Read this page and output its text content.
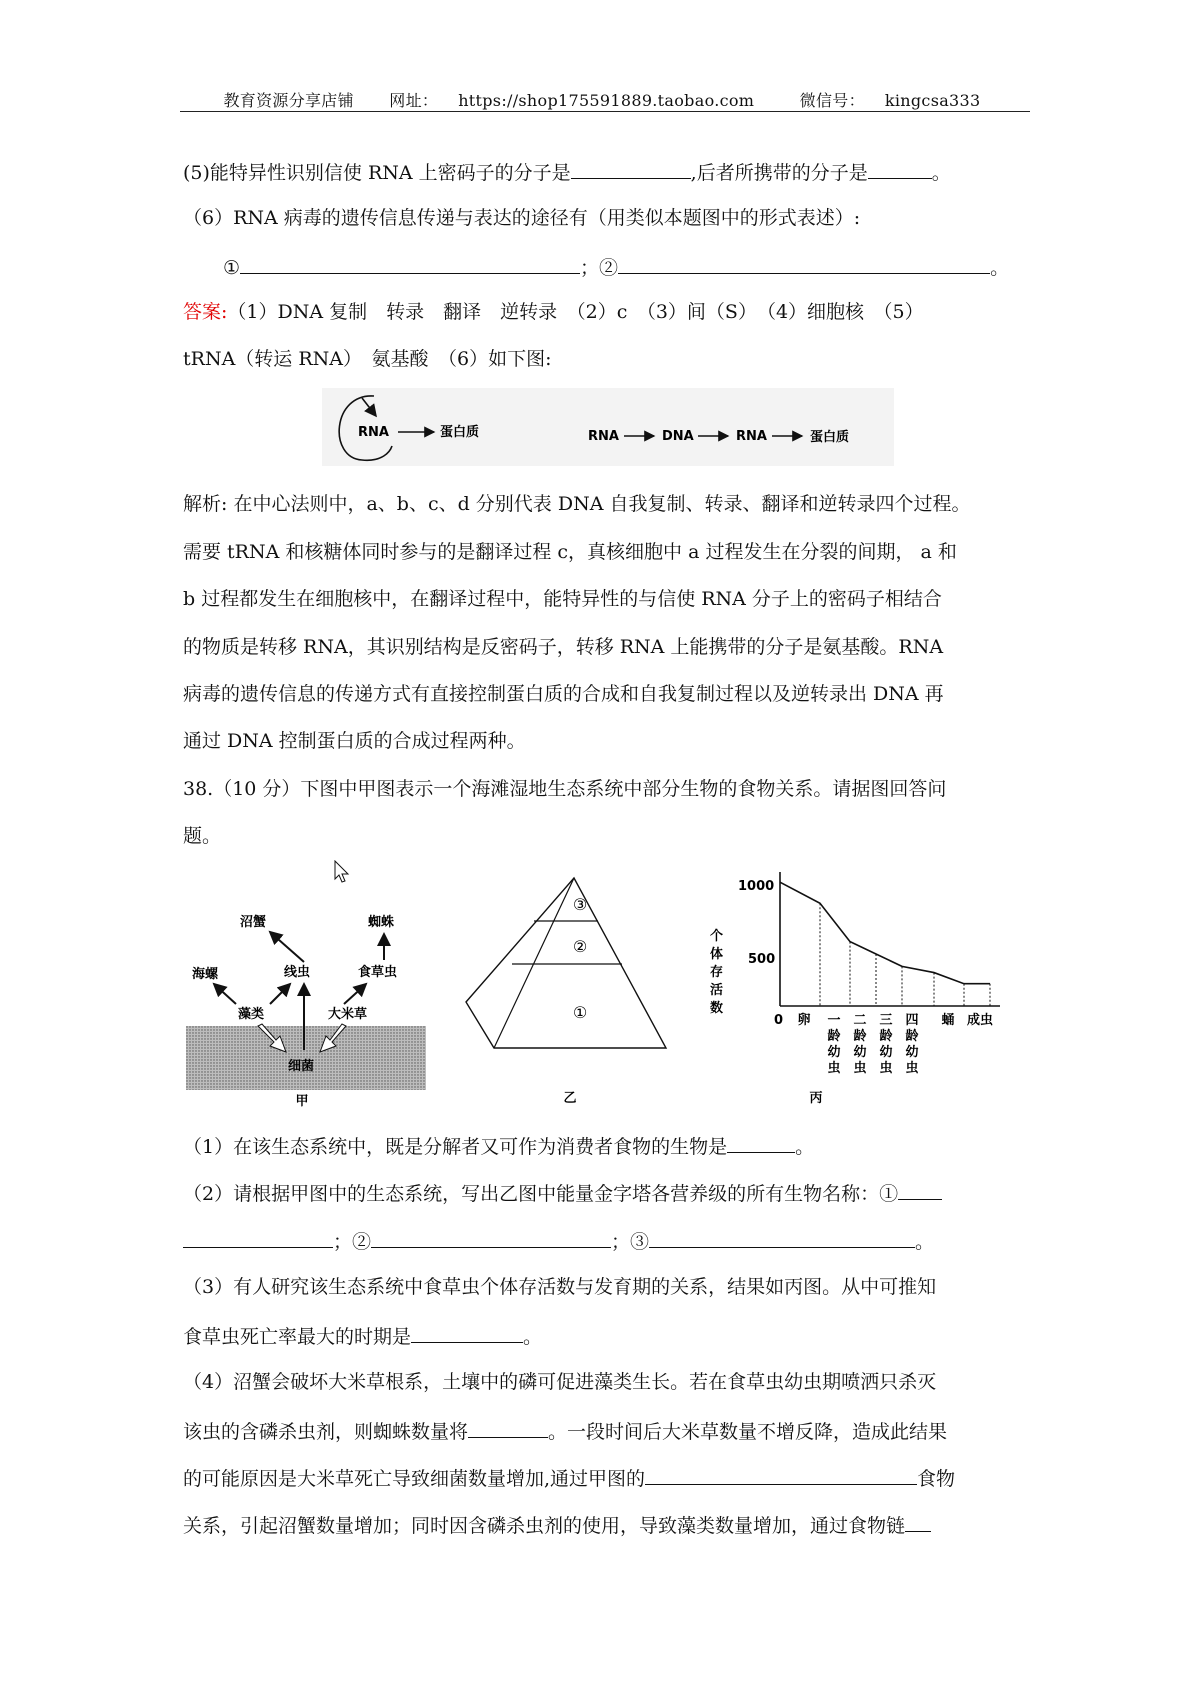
教育资源分享店铺 网址： https://shop175591889.taobao.com	微信号： kingcsa333
(5)能特异性识别信使 RNA 上密码子的分子是	,后者所携带的分子是	。
（6）RNA 病毒的遗传信息传递与表达的途径有（用类似本题图中的形式表述）:
①	；②	。
答案:（1）DNA 复制　转录　翻译　逆转录　（2）c　（3）间（S）　（4）细胞核　（5）
tRNA（转运 RNA）　氨基酸　（6）如下图:
RNA	蛋白质	RNA	DNA	RNA	蛋白质
解析: 在中心法则中，a、b、c、d 分别代表 DNA 自我复制、转录、翻译和逆转录四个过程。
需要 tRNA 和核糖体同时参与的是翻译过程 c，真核细胞中 a 过程发生在分裂的间期， a 和
b 过程都发生在细胞核中，在翻译过程中，能特异性的与信使 RNA 分子上的密码子相结合
的物质是转移 RNA，其识别结构是反密码子，转移 RNA 上能携带的分子是氨基酸。RNA
病毒的遗传信息的传递方式有直接控制蛋白质的合成和自我复制过程以及逆转录出 DNA 再
通过 DNA 控制蛋白质的合成过程两种。
38.（10 分）下图中甲图表示一个海滩湿地生态系统中部分生物的食物关系。请据图回答问
题。
沼蟹	蜘蛛
海螺	线虫	食草虫
藻类	大米草
细菌
甲
①
②
③
乙
卵 一龄幼虫
二龄幼虫
三龄幼虫
四龄幼虫
蛹 成虫
个
体
存
活
数
1000
500
0
丙
（1）在该生态系统中，既是分解者又可作为消费者食物的生物是	。
（2）请根据甲图中的生态系统，写出乙图中能量金字塔各营养级的所有生物名称：①
；②	；③	。
（3）有人研究该生态系统中食草虫个体存活数与发育期的关系，结果如丙图。从中可推知
食草虫死亡率最大的时期是	。
（4）沼蟹会破坏大米草根系，土壤中的磷可促进藻类生长。若在食草虫幼虫期喷洒只杀灭
该虫的含磷杀虫剂，则蜘蛛数量将	。一段时间后大米草数量不增反降，造成此结果
的可能原因是大米草死亡导致细菌数量增加,通过甲图的	食物
关系，引起沼蟹数量增加；同时因含磷杀虫剂的使用，导致藻类数量增加，通过食物链
